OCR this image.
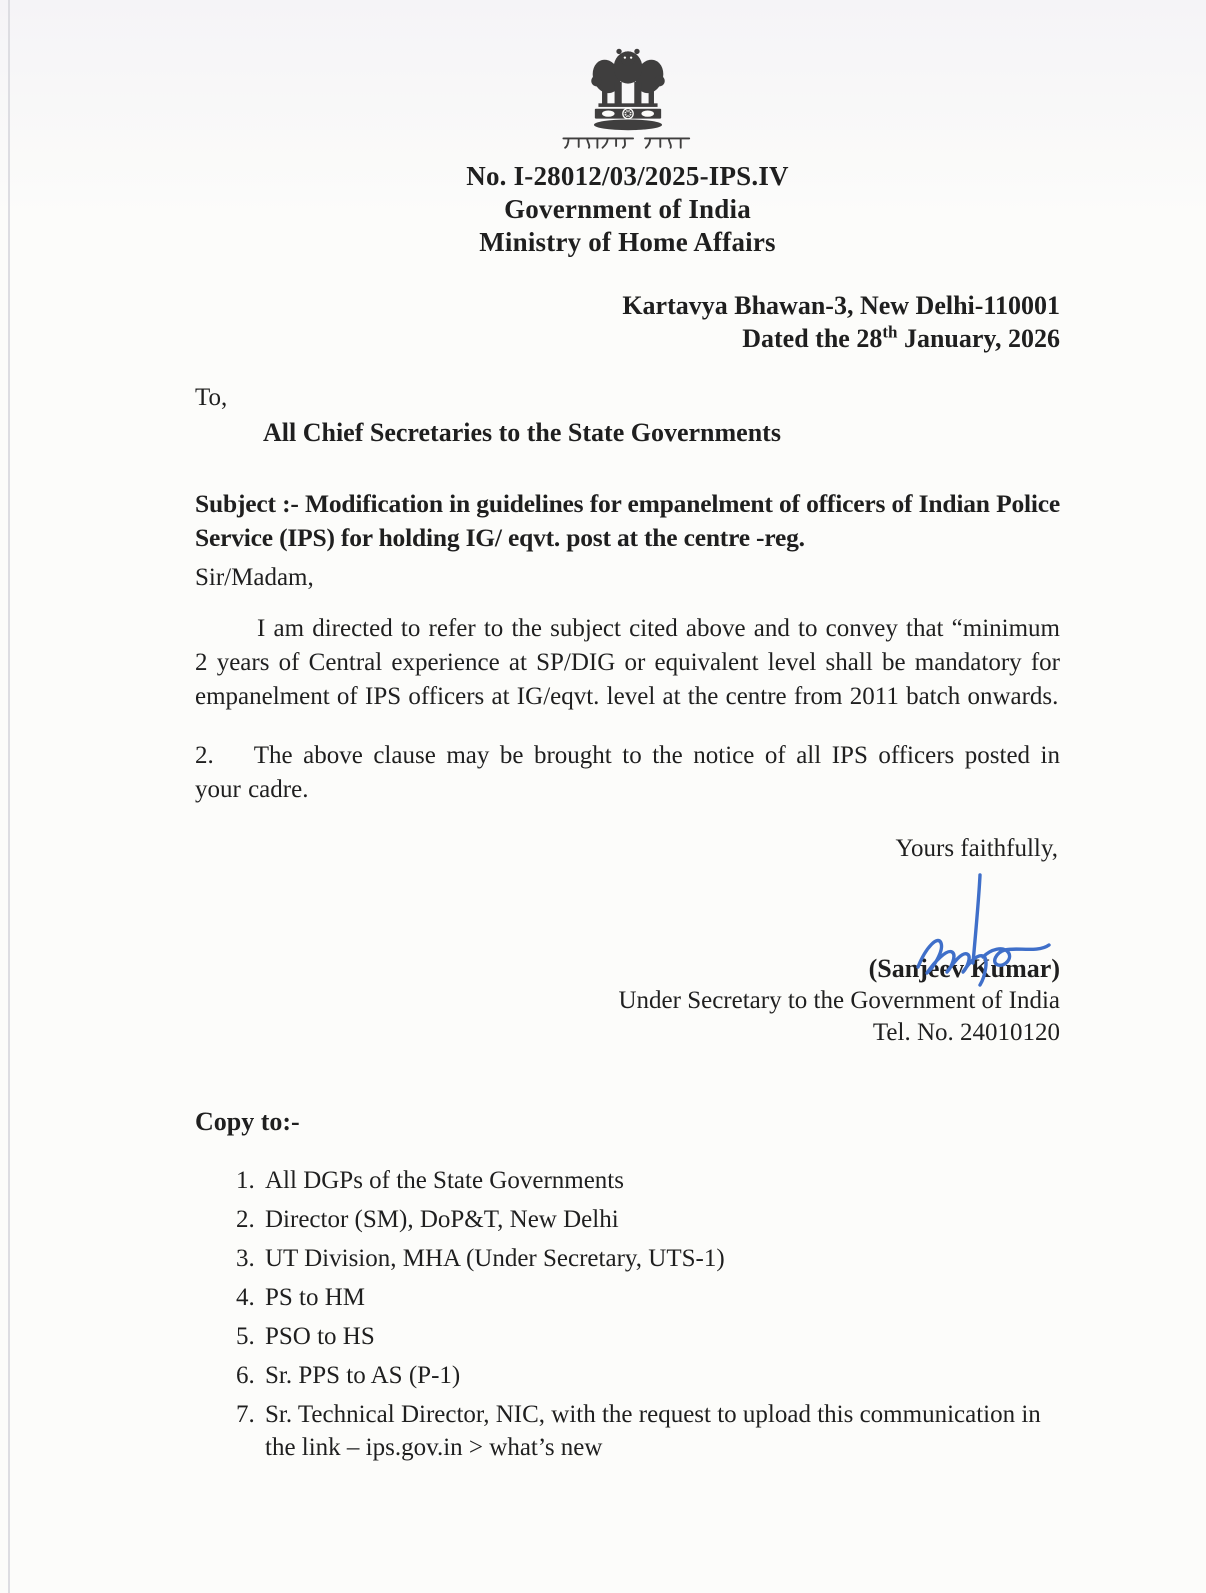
No. I-28012/03/2025-IPS.IV
Government of India
Ministry of Home Affairs
Kartavya Bhawan-3, New Delhi-110001
Dated the 28th January, 2026
To,
All Chief Secretaries to the State Governments
Subject :- Modification in guidelines for empanelment of officers of Indian Police Service (IPS) for holding IG/ eqvt. post at the centre -reg.
Sir/Madam,

I am directed to refer to the subject cited above and to convey that “minimum 2 years of Central experience at SP/DIG or equivalent level shall be mandatory for empanelment of IPS officers at IG/eqvt. level at the centre from 2011 batch onwards.

2. The above clause may be brought to the notice of all IPS officers posted in your cadre.

Yours faithfully,
(Sanjeev Kumar)
Under Secretary to the Government of India
Tel. No. 24010120
Copy to:-
1. All DGPs of the State Governments
2. Director (SM), DoP&T, New Delhi
3. UT Division, MHA (Under Secretary, UTS-1)
4. PS to HM
5. PSO to HS
6. Sr. PPS to AS (P-1)
7. Sr. Technical Director, NIC, with the request to upload this communication in the link – ips.gov.in > what’s new
